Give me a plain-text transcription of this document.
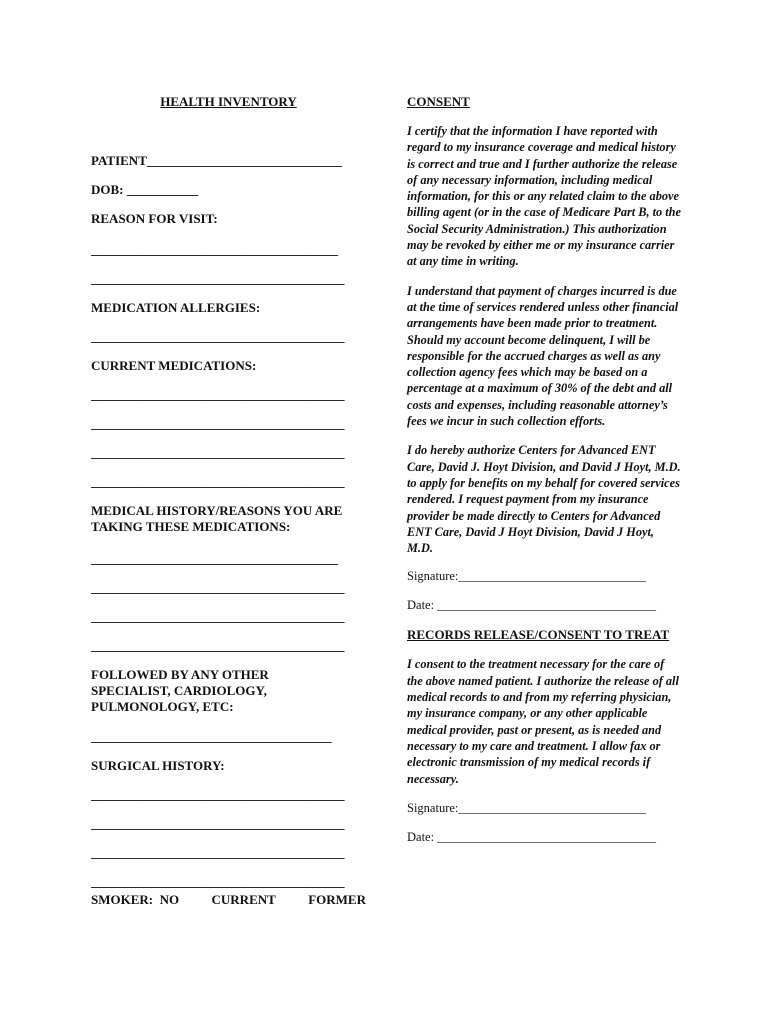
HEALTH INVENTORY

PATIENT______________________________

DOB: ___________

REASON FOR VISIT:

______________________________________

_______________________________________

MEDICATION ALLERGIES:

_______________________________________

CURRENT MEDICATIONS:

_______________________________________

_______________________________________

_______________________________________

_______________________________________

MEDICAL HISTORY/REASONS YOU ARE TAKING THESE MEDICATIONS:

______________________________________

_______________________________________

_______________________________________

_______________________________________

FOLLOWED BY ANY OTHER SPECIALIST, CARDIOLOGY, PULMONOLOGY, ETC:

_____________________________________

SURGICAL HISTORY:

_______________________________________

_______________________________________

_______________________________________

_______________________________________

SMOKER: NO CURRENT FORMER

CONSENT

I certify that the information I have reported with regard to my insurance coverage and medical history is correct and true and I further authorize the release of any necessary information, including medical information, for this or any related claim to the above billing agent (or in the case of Medicare Part B, to the Social Security Administration.) This authorization may be revoked by either me or my insurance carrier at any time in writing.

I understand that payment of charges incurred is due at the time of services rendered unless other financial arrangements have been made prior to treatment. Should my account become delinquent, I will be responsible for the accrued charges as well as any collection agency fees which may be based on a percentage at a maximum of 30% of the debt and all costs and expenses, including reasonable attorney’s fees we incur in such collection efforts.

I do hereby authorize Centers for Advanced ENT Care, David J. Hoyt Division, and David J Hoyt, M.D. to apply for benefits on my behalf for covered services rendered. I request payment from my insurance provider be made directly to Centers for Advanced ENT Care, David J Hoyt Division, David J Hoyt, M.D.

Signature:______________________________

Date: ___________________________________

RECORDS RELEASE/CONSENT TO TREAT

I consent to the treatment necessary for the care of the above named patient. I authorize the release of all medical records to and from my referring physician, my insurance company, or any other applicable medical provider, past or present, as is needed and necessary to my care and treatment. I allow fax or electronic transmission of my medical records if necessary.

Signature:______________________________

Date: ___________________________________
